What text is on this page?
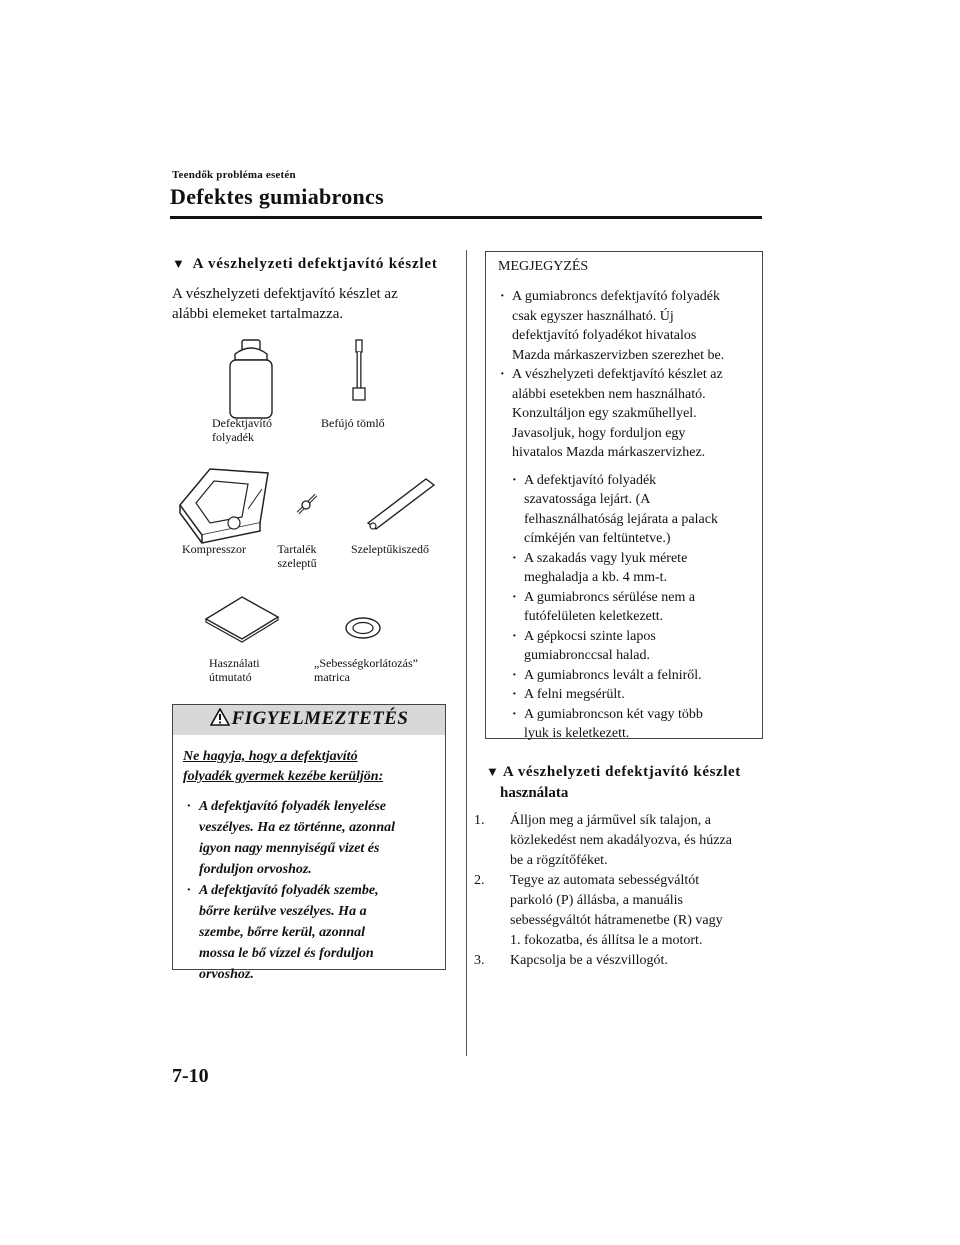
Teendők probléma esetén
Defektes gumiabroncs
▼ A vészhelyzeti defektjavító készlet
A vészhelyzeti defektjavító készlet az
alábbi elemeket tartalmazza.
Defektjavító
folyadék
Befújó tömlő
Kompresszor	Tartalék
szeleptű
Szeleptűkiszedő
Használati
útmutató
„Sebességkorlátozás”
matrica
FIGYELMEZTETÉS
Ne hagyja, hogy a defektjavító
folyadék gyermek kezébe kerüljön:
· A defektjavító folyadék lenyelése
veszélyes. Ha ez történne, azonnal
igyon nagy mennyiségű vizet és
forduljon orvoshoz.
· A defektjavító folyadék szembe,
bőrre kerülve veszélyes. Ha a
szembe, bőrre kerül, azonnal
mossa le bő vízzel és forduljon
orvoshoz.
MEGJEGYZÉS
· A gumiabroncs defektjavító folyadék
csak egyszer használható. Új
defektjavító folyadékot hivatalos
Mazda márkaszervizben szerezhet be.
· A vészhelyzeti defektjavító készlet az
alábbi esetekben nem használható.
Konzultáljon egy szakműhellyel.
Javasoljuk, hogy forduljon egy
hivatalos Mazda márkaszervizhez.
· A defektjavító folyadék
szavatossága lejárt. (A
felhasználhatóság lejárata a palack
címkéjén van feltüntetve.)
· A szakadás vagy lyuk mérete
meghaladja a kb. 4 mm-t.
· A gumiabroncs sérülése nem a
futófelületen keletkezett.
· A gépkocsi szinte lapos
gumiabronccsal halad.
· A gumiabroncs levált a felniről.
· A felni megsérült.
· A gumiabroncson két vagy több
lyuk is keletkezett.
▼ A vészhelyzeti defektjavító készlet
használata
1. Álljon meg a járművel sík talajon, a
közlekedést nem akadályozva, és húzza
be a rögzítőféket.
2. Tegye az automata sebességváltót
parkoló (P) állásba, a manuális
sebességváltót hátramenetbe (R) vagy
1. fokozatba, és állítsa le a motort.
3. Kapcsolja be a vészvillogót.
7-10
